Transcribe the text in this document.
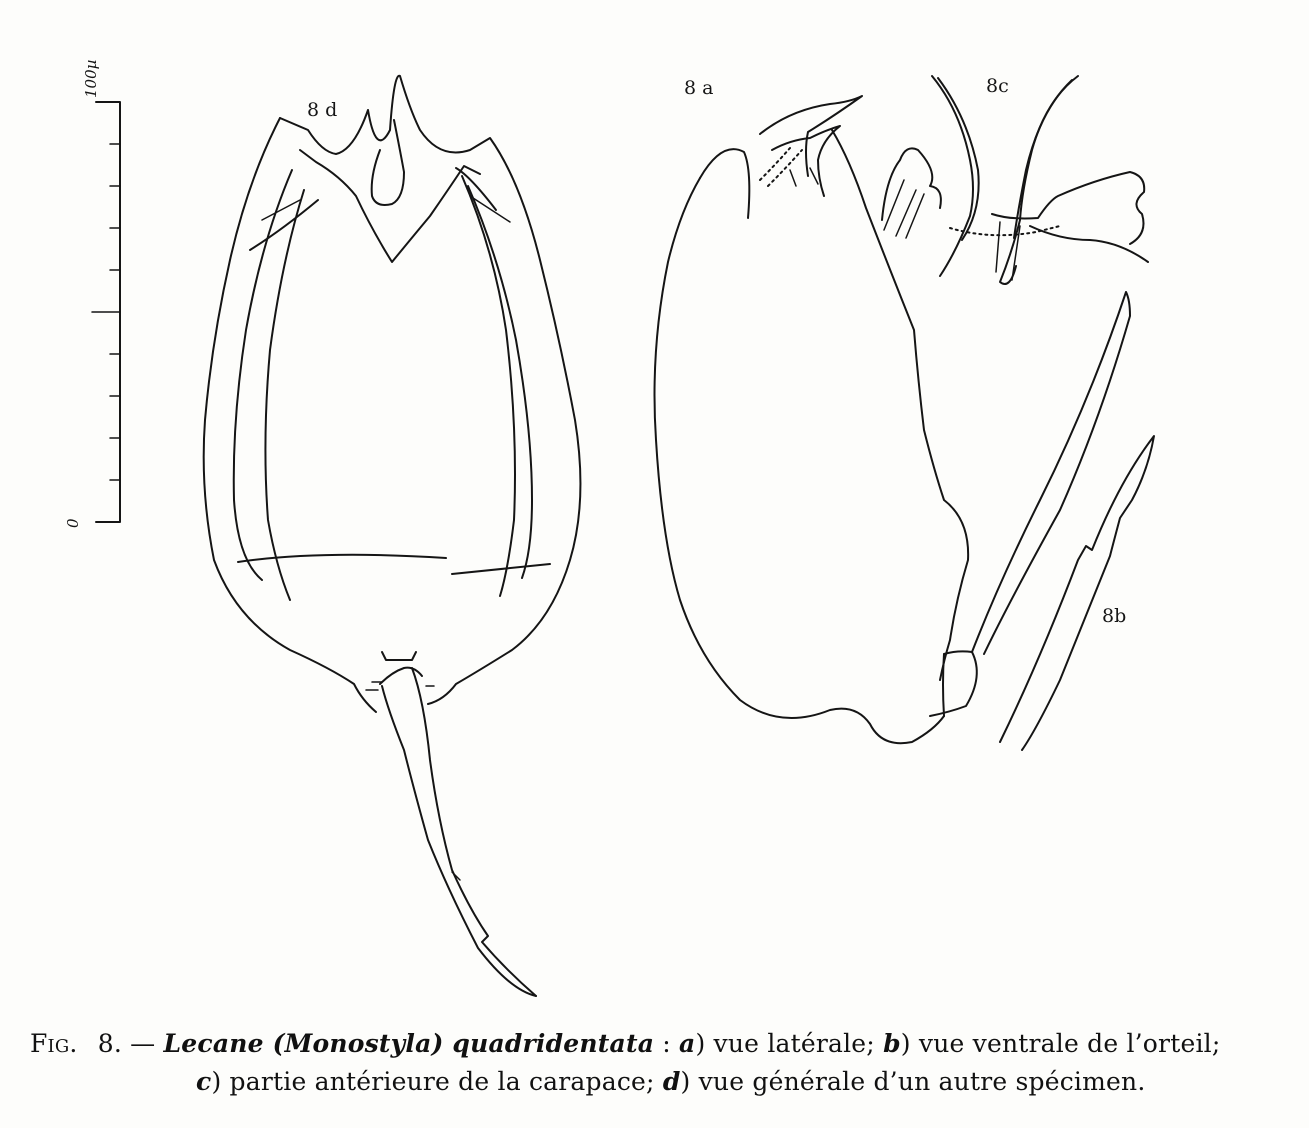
100µ
0
8 d
8 a	8c
8b
Fig. 8. — Lecane (Monostyla) quadridentata : a) vue latérale; b) vue ventrale de l’orteil;
c) partie antérieure de la carapace; d) vue générale d’un autre spécimen.
